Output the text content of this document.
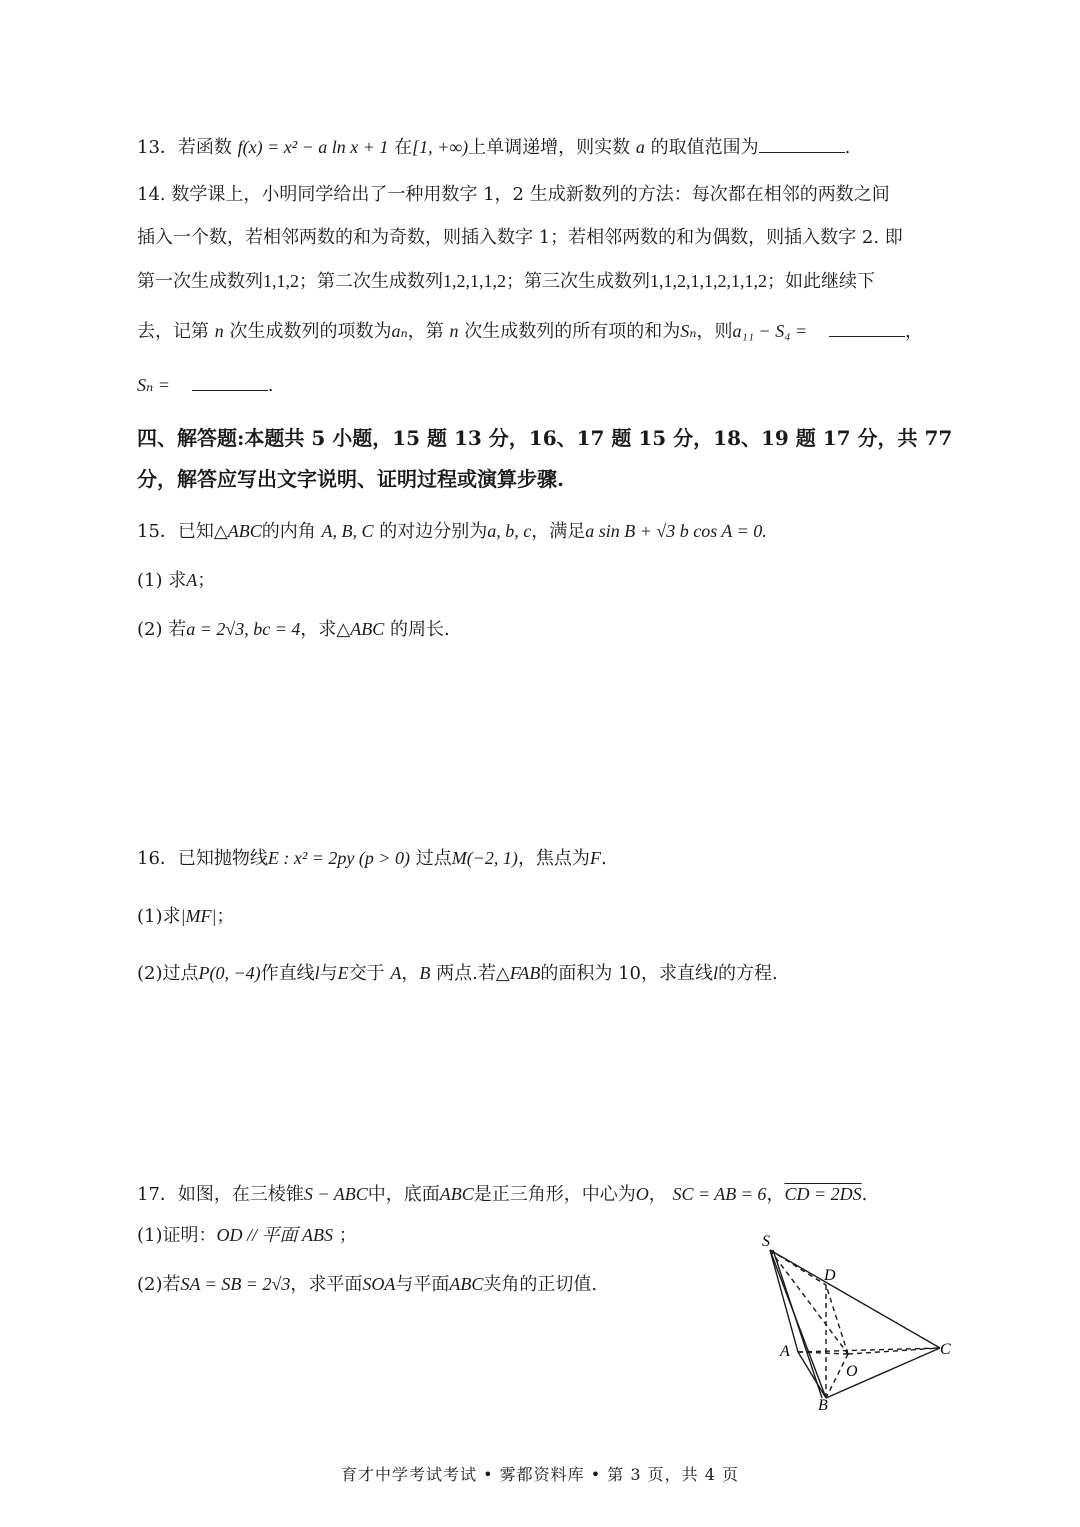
13．若函数 f(x) = x² − a ln x + 1 在[1, +∞)上单调递增，则实数 a 的取值范围为	.
14. 数学课上，小明同学给出了一种用数字 1，2 生成新数列的方法：每次都在相邻的两数之间
插入一个数，若相邻两数的和为奇数，则插入数字 1；若相邻两数的和为偶数，则插入数字 2. 即
第一次生成数列1,1,2；第二次生成数列1,2,1,1,2；第三次生成数列1,1,2,1,1,2,1,1,2；如此继续下
去，记第 n 次生成数列的项数为aₙ，第 n 次生成数列的所有项的和为Sₙ，则a₁₁ − S₄ =	，
Sₙ =	.
四、解答题:本题共 5 小题，15 题 13 分，16、17 题 15 分，18、19 题 17 分，共 77
分，解答应写出文字说明、证明过程或演算步骤.
15．已知△ABC的内角 A, B, C 的对边分别为a, b, c，满足a sin B + √3 b cos A = 0.
(1) 求A；
(2) 若a = 2√3, bc = 4，求△ABC 的周长.
16．已知抛物线E : x² = 2py (p > 0) 过点M(−2, 1)，焦点为F.
(1)求|MF|；
(2)过点P(0, −4)作直线l与E交于 A，B 两点.若△FAB的面积为 10，求直线l的方程.
17．如图，在三棱锥S − ABC中，底面ABC是正三角形，中心为O， SC = AB = 6，CD = 2DS.
(1)证明：OD // 平面 ABS ；
(2)若SA = SB = 2√3，求平面SOA与平面ABC夹角的正切值.
S
D
A
O
C
B
育才中学考试考试 • 雾都资料库 • 第 3 页，共 4 页
